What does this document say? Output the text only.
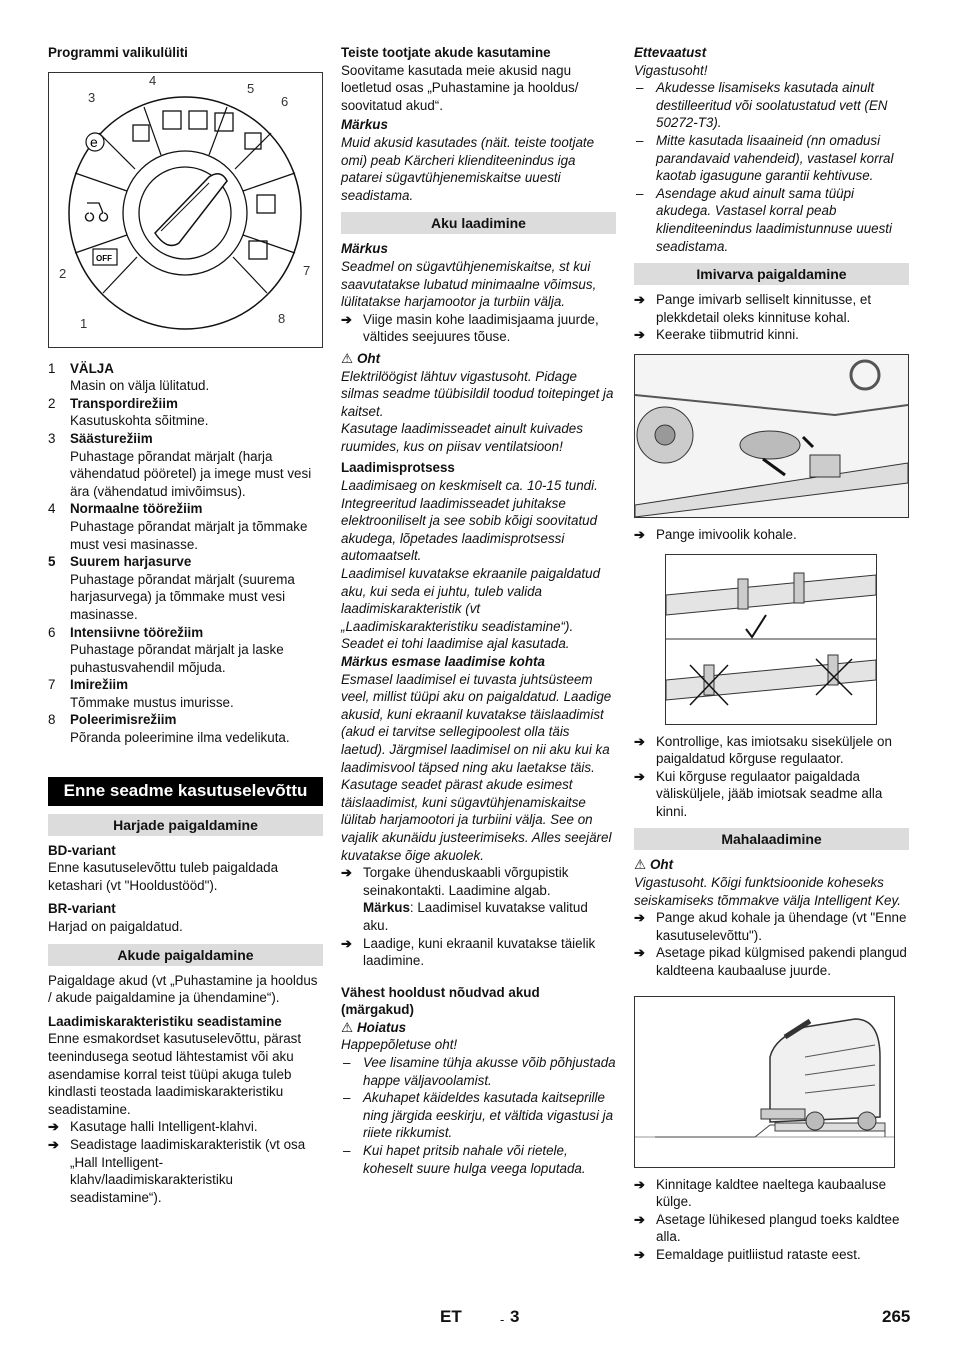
Programmi valikulüliti
e
OFF
1
2
3
4
5
6
7
8
1 VÄLJA
Masin on välja lülitatud.
2 Transpordirežiim
Kasutuskohta sõitmine.
3 Säästurežiim
Puhastage põrandat märjalt (harja vähendatud pööretel) ja imege must vesi ära (vähendatud imivõimsus).
4 Normaalne töörežiim
Puhastage põrandat märjalt ja tõmmake must vesi masinasse.
5 Suurem harjasurve
Puhastage põrandat märjalt (suurema harjasurvega) ja tõmmake must vesi masinasse.
6 Intensiivne töörežiim
Puhastage põrandat märjalt ja laske puhastusvahendil mõjuda.
7 Imirežiim
Tõmmake mustus imurisse.
8 Poleerimisrežiim
Põranda poleerimine ilma vedelikuta.
Enne seadme kasutuselevõttu
Harjade paigaldamine
BD-variant
Enne kasutuselevõttu tuleb paigaldada ketashari (vt "Hooldustööd").
BR-variant
Harjad on paigaldatud.
Akude paigaldamine
Paigaldage akud (vt „Puhastamine ja hooldus / akude paigaldamine ja ühendamine“).
Laadimiskarakteristiku seadistamine
Enne esmakordset kasutuselevõttu, pärast teenindusega seotud lähtestamist või aku asendamise korral teist tüüpi akuga tuleb kindlasti teostada laadimiskarakteristiku seadistamine.
➔ Kasutage halli Intelligent-klahvi.
➔ Seadistage laadimiskarakteristik (vt osa „Hall Intelligent-klahv/laadimiskarakteristiku seadistamine“).
Teiste tootjate akude kasutamine
Soovitame kasutada meie akusid nagu loetletud osas „Puhastamine ja hooldus/ soovitatud akud“.
Märkus
Muid akusid kasutades (näit. teiste tootjate omi) peab Kärcheri klienditeenindus iga patarei sügavtühjenemiskaitse uuesti seadistama.
Aku laadimine
Märkus
Seadmel on sügavtühjenemiskaitse, st kui saavutatakse lubatud minimaalne võimsus, lülitatakse harjamootor ja turbiin välja.
➔ Viige masin kohe laadimisjaama juurde, vältides seejuures tõuse.
⚠ Oht
Elektrilöögist lähtuv vigastusoht. Pidage silmas seadme tüübisildil toodud toitepinget ja kaitset.
Kasutage laadimisseadet ainult kuivades ruumides, kus on piisav ventilatsioon!
Laadimisprotsess
Laadimisaeg on keskmiselt ca. 10-15 tundi. Integreeritud laadimisseadet juhitakse elektrooniliselt ja see sobib kõigi soovitatud akudega, lõpetades laadimisprotsessi automaatselt.
Laadimisel kuvatakse ekraanile paigaldatud aku, kui seda ei juhtu, tuleb valida laadimiskarakteristik (vt „Laadimiskarakteristiku seadistamine“).
Seadet ei tohi laadimise ajal kasutada.
Märkus esmase laadimise kohta
Esmasel laadimisel ei tuvasta juhtsüsteem veel, millist tüüpi aku on paigaldatud. Laadige akusid, kuni ekraanil kuvatakse täislaadimist (akud ei tarvitse sellegipoolest olla täis laetud). Järgmisel laadimisel on nii aku kui ka laadimisvool täpsed ning aku laetakse täis.
Kasutage seadet pärast akude esimest täislaadimist, kuni sügavtühjenamiskaitse lülitab harjamootori ja turbiini välja. See on vajalik akunäidu justeerimiseks. Alles seejärel kuvatakse õige akuolek.
➔ Torgake ühenduskaabli võrgupistik seinakontakti. Laadimine algab.
Märkus: Laadimisel kuvatakse valitud aku.
➔ Laadige, kuni ekraanil kuvatakse täielik laadimine.
Vähest hooldust nõudvad akud (märgakud)
⚠ Hoiatus
Happepõletuse oht!
– Vee lisamine tühja akusse võib põhjustada happe väljavoolamist.
– Akuhapet käideldes kasutada kaitseprille ning järgida eeskirju, et vältida vigastusi ja riiete rikkumist.
– Kui hapet pritsib nahale või rietele, koheselt suure hulga veega loputada.
Ettevaatust
Vigastusoht!
– Akudesse lisamiseks kasutada ainult destilleeritud või soolatustatud vett (EN 50272-T3).
– Mitte kasutada lisaaineid (nn omadusi parandavaid vahendeid), vastasel korral kaotab igasugune garantii kehtivuse.
– Asendage akud ainult sama tüüpi akudega. Vastasel korral peab klienditeenindus laadimistunnuse uuesti seadistama.
Imivarva paigaldamine
➔ Pange imivarb selliselt kinnitusse, et plekkdetail oleks kinnituse kohal.
➔ Keerake tiibmutrid kinni.
➔ Pange imivoolik kohale.
➔ Kontrollige, kas imiotsaku siseküljele on paigaldatud kõrguse regulaator.
➔ Kui kõrguse regulaator paigaldada välisküljele, jääb imiotsak seadme alla kinni.
Mahalaadimine
⚠ Oht
Vigastusoht. Kõigi funktsioonide koheseks seiskamiseks tõmmakve välja Intelligent Key.
➔ Pange akud kohale ja ühendage (vt "Enne kasutuselevõttu").
➔ Asetage pikad külgmised pakendi plangud kaldteena kaubaaluse juurde.
➔ Kinnitage kaldtee naeltega kaubaaluse külge.
➔ Asetage lühikesed plangud toeks kaldtee alla.
➔ Eemaldage puitliistud rataste eest.
ET	- 3	265
